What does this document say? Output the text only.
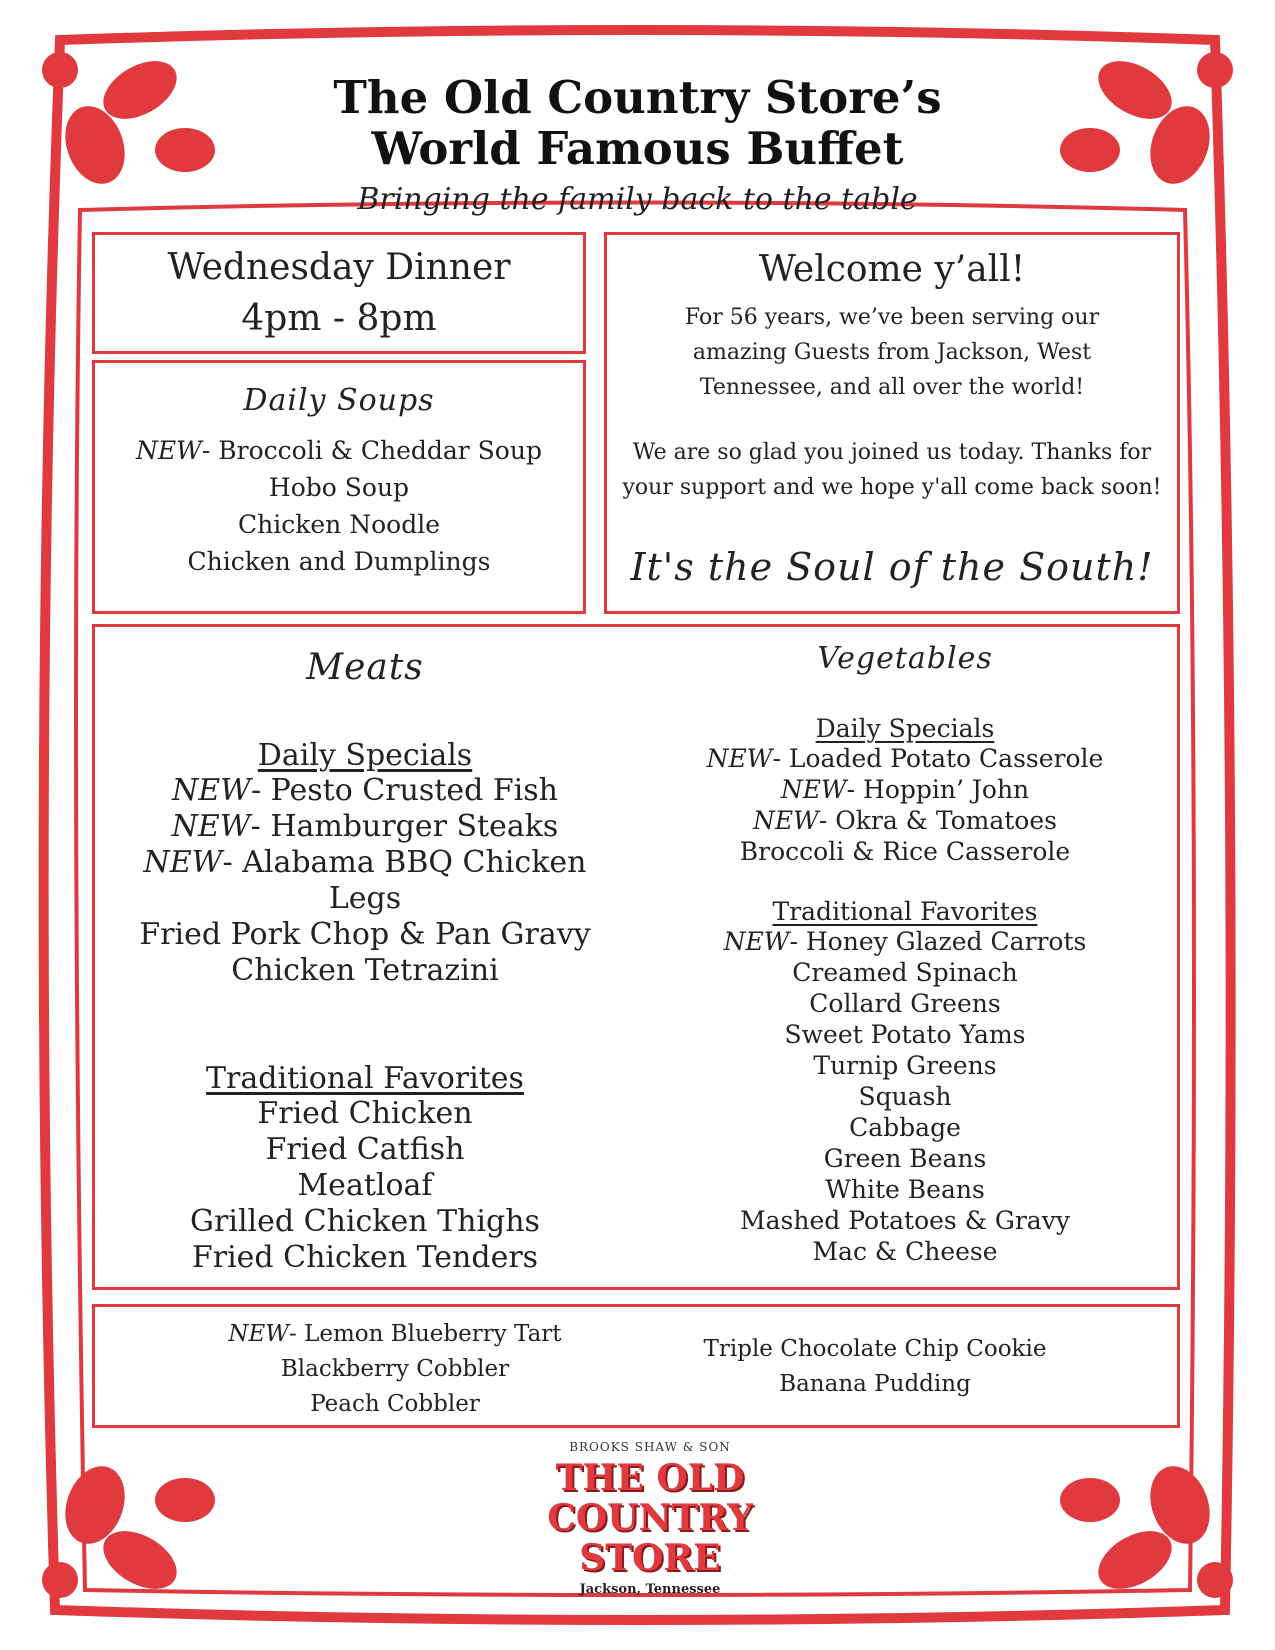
The Old Country Store’s
World Famous Buffet
Bringing the family back to the table
Wednesday Dinner
4pm - 8pm
Daily Soups
NEW- Broccoli & Cheddar Soup
Hobo Soup
Chicken Noodle
Chicken and Dumplings
Welcome y’all!
For 56 years, we’ve been serving our amazing Guests from Jackson, West Tennessee, and all over the world!
We are so glad you joined us today. Thanks for your support and we hope y'all come back soon!
It's the Soul of the South!
Meats
Daily Specials
NEW- Pesto Crusted Fish
NEW- Hamburger Steaks
NEW- Alabama BBQ Chicken Legs
Fried Pork Chop & Pan Gravy
Chicken Tetrazini
Traditional Favorites
Fried Chicken
Fried Catfish
Meatloaf
Grilled Chicken Thighs
Fried Chicken Tenders
Vegetables
Daily Specials
NEW- Loaded Potato Casserole
NEW- Hoppin’ John
NEW- Okra & Tomatoes
Broccoli & Rice Casserole
Traditional Favorites
NEW- Honey Glazed Carrots
Creamed Spinach
Collard Greens
Sweet Potato Yams
Turnip Greens
Squash
Cabbage
Green Beans
White Beans
Mashed Potatoes & Gravy
Mac & Cheese
NEW- Lemon Blueberry Tart
Blackberry Cobbler
Peach Cobbler
Triple Chocolate Chip Cookie
Banana Pudding
BROOKS SHAW & SON
THE OLD COUNTRY
STORE
Jackson, Tennessee
